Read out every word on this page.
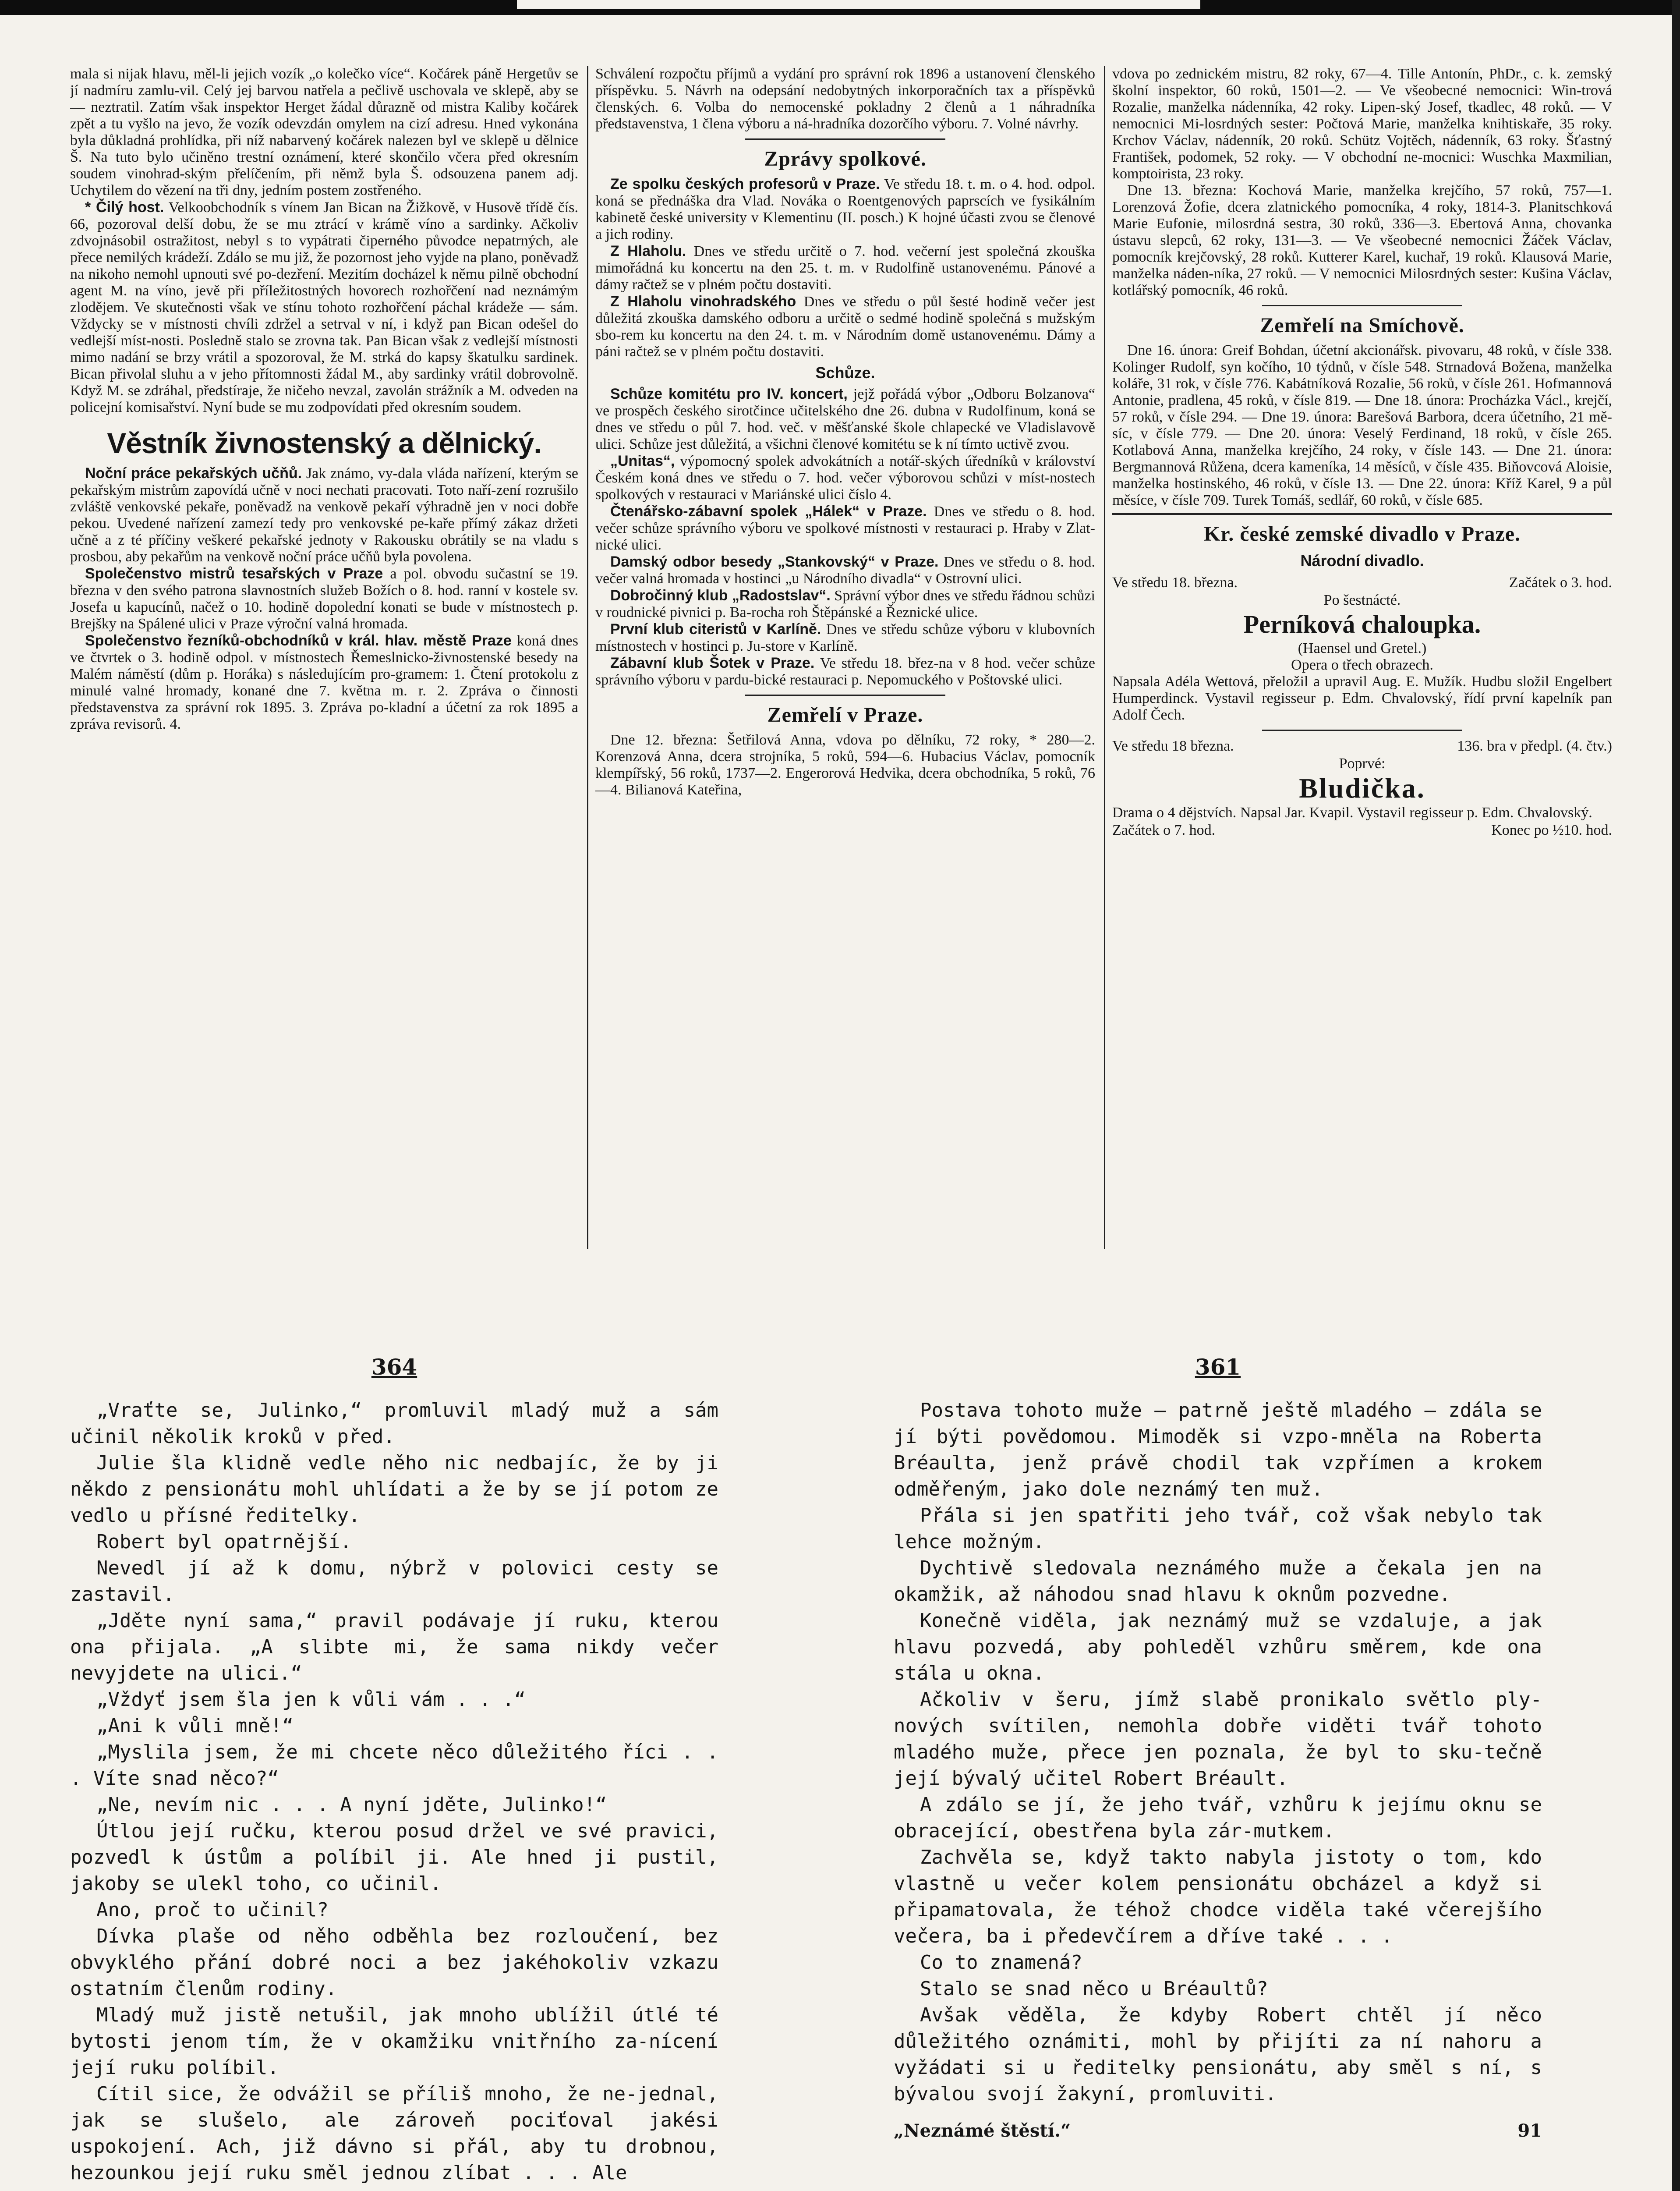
mala si nijak hlavu, měl-li jejich vozík „o kolečko více“. Kočárek páně Hergetův se jí nadmíru zamlu-vil. Celý jej barvou natřela a pečlivě uschovala ve sklepě, aby se — neztratil. Zatím však inspektor Herget žádal důrazně od mistra Kaliby kočárek zpět a tu vyšlo na jevo, že vozík odevzdán omylem na cizí adresu. Hned vykonána byla důkladná prohlídka, při níž nabarvený kočárek nalezen byl ve sklepě u dělnice Š. Na tuto bylo učiněno trestní oznámení, které skončilo včera před okresním soudem vinohrad-ským přelíčením, při němž byla Š. odsouzena panem adj. Uchytilem do vězení na tři dny, jedním postem zostřeného.

* Čilý host. Velkoobchodník s vínem Jan Bican na Žižkově, v Husově třídě čís. 66, pozoroval delší dobu, že se mu ztrácí v krámě víno a sardinky. Ačkoliv zdvojnásobil ostražitost, nebyl s to vypátrati čiperného původce nepatrných, ale přece nemilých krádeží. Zdálo se mu již, že pozornost jeho vyjde na plano, poněvadž na nikoho nemohl upnouti své po-dezření. Mezitím docházel k němu pilně obchodní agent M. na víno, jevě při příležitostných hovorech rozhořčení nad neznámým zlodějem. Ve skutečnosti však ve stínu tohoto rozhořčení páchal krádeže — sám. Vždycky se v místnosti chvíli zdržel a setrval v ní, i když pan Bican odešel do vedlejší míst-nosti. Posledně stalo se zrovna tak. Pan Bican však z vedlejší místnosti mimo nadání se brzy vrátil a spozoroval, že M. strká do kapsy škatulku sardinek. Bican přivolal sluhu a v jeho přítomnosti žádal M., aby sardinky vrátil dobrovolně. Když M. se zdráhal, předstíraje, že ničeho nevzal, zavolán strážník a M. odveden na policejní komisařství. Nyní bude se mu zodpovídati před okresním soudem.

Věstník živnostenský a dělnický.

Noční práce pekařských učňů. Jak známo, vy-dala vláda nařízení, kterým se pekařským mistrům zapovídá učně v noci nechati pracovati. Toto naří-zení rozrušilo zvláště venkovské pekaře, poněvadž na venkově pekaří výhradně jen v noci dobře pekou. Uvedené nařízení zamezí tedy pro venkovské pe-kaře přímý zákaz držeti učně a z té příčiny veškeré pekařské jednoty v Rakousku obrátily se na vladu s prosbou, aby pekařům na venkově noční práce učňů byla povolena.

Společenstvo mistrů tesařských v Praze a pol. obvodu sučastní se 19. března v den svého patrona slavnostních služeb Božích o 8. hod. ranní v kostele sv. Josefa u kapucínů, načež o 10. hodině dopolední konati se bude v místnostech p. Brejšky na Spálené ulici v Praze výroční valná hromada.

Společenstvo řezníků-obchodníků v král. hlav. městě Praze koná dnes ve čtvrtek o 3. hodině odpol. v místnostech Řemeslnicko-živnostenské besedy na Malém náměstí (dům p. Horáka) s následujícím pro-gramem: 1. Čtení protokolu z minulé valné hromady, konané dne 7. května m. r. 2. Zpráva o činnosti představenstva za správní rok 1895. 3. Zpráva po-kladní a účetní za rok 1895 a zpráva revisorů. 4.

Schválení rozpočtu příjmů a vydání pro správní rok 1896 a ustanovení členského příspěvku. 5. Návrh na odepsání nedobytných inkorporačních tax a příspěvků členských. 6. Volba do nemocenské pokladny 2 členů a 1 náhradníka představenstva, 1 člena výboru a ná-hradníka dozorčího výboru. 7. Volné návrhy.

Zprávy spolkové.

Ze spolku českých profesorů v Praze. Ve středu 18. t. m. o 4. hod. odpol. koná se přednáška dra Vlad. Nováka o Roentgenových paprscích ve fysikálním kabinetě české university v Klementinu (II. posch.) K hojné účasti zvou se členové a jich rodiny.

Z Hlaholu. Dnes ve středu určitě o 7. hod. večerní jest společná zkouška mimořádná ku koncertu na den 25. t. m. v Rudolfině ustanovenému. Pánové a dámy račtež se v plném počtu dostaviti.

Z Hlaholu vinohradského Dnes ve středu o půl šesté hodině večer jest důležitá zkouška damského odboru a určitě o sedmé hodině společná s mužským sbo-rem ku koncertu na den 24. t. m. v Národním domě ustanovenému. Dámy a páni račtež se v plném počtu dostaviti.

Schůze.

Schůze komitétu pro IV. koncert, jejž pořádá výbor „Odboru Bolzanova“ ve prospěch českého sirotčince učitelského dne 26. dubna v Rudolfinum, koná se dnes ve středu o půl 7. hod. več. v měšťanské škole chlapecké ve Vladislavově ulici. Schůze jest důležitá, a všichni členové komitétu se k ní tímto uctivě zvou.

„Unitas“, výpomocný spolek advokátních a notář-ských úředníků v království Českém koná dnes ve středu o 7. hod. večer výborovou schůzi v míst-nostech spolkových v restauraci v Mariánské ulici číslo 4.

Čtenářsko-zábavní spolek „Hálek“ v Praze. Dnes ve středu o 8. hod. večer schůze správního výboru ve spolkové místnosti v restauraci p. Hraby v Zlat-nické ulici.

Damský odbor besedy „Stankovský“ v Praze. Dnes ve středu o 8. hod. večer valná hromada v hostinci „u Národního divadla“ v Ostrovní ulici.

Dobročinný klub „Radostslav“. Správní výbor dnes ve středu řádnou schůzi v roudnické pivnici p. Ba-rocha roh Štěpánské a Řeznické ulice.

První klub citeristů v Karlíně. Dnes ve středu schůze výboru v klubovních místnostech v hostinci p. Ju-store v Karlíně.

Zábavní klub Šotek v Praze. Ve středu 18. břez-na v 8 hod. večer schůze správního výboru v pardu-bické restauraci p. Nepomuckého v Poštovské ulici.

Zemřelí v Praze.

Dne 12. března: Šetřilová Anna, vdova po dělníku, 72 roky, * 280—2. Korenzová Anna, dcera strojníka, 5 roků, 594—6. Hubacius Václav, pomocník klempířský, 56 roků, 1737—2. Engerorová Hedvika, dcera obchodníka, 5 roků, 76—4. Bilianová Kateřina,

vdova po zednickém mistru, 82 roky, 67—4. Tille Antonín, PhDr., c. k. zemský školní inspektor, 60 roků, 1501—2. — Ve všeobecné nemocnici: Win-trová Rozalie, manželka nádenníka, 42 roky. Lipen-ský Josef, tkadlec, 48 roků. — V nemocnici Mi-losrdných sester: Počtová Marie, manželka knihtiskaře, 35 roky. Krchov Václav, nádenník, 20 roků. Schütz Vojtěch, nádenník, 63 roky. Šťastný František, podomek, 52 roky. — V obchodní ne-mocnici: Wuschka Maxmilian, komptoirista, 23 roky.

Dne 13. března: Kochová Marie, manželka krejčího, 57 roků, 757—1. Lorenzová Žofie, dcera zlatnického pomocníka, 4 roky, 1814-3. Planitschková Marie Eufonie, milosrdná sestra, 30 roků, 336—3. Ebertová Anna, chovanka ústavu slepců, 62 roky, 131—3. — Ve všeobecné nemocnici Žáček Václav, pomocník krejčovský, 28 roků. Kutterer Karel, kuchař, 19 roků. Klausová Marie, manželka náden-níka, 27 roků. — V nemocnici Milosrdných sester: Kušina Václav, kotlářský pomocník, 46 roků.

Zemřelí na Smíchově.

Dne 16. února: Greif Bohdan, účetní akcionářsk. pivovaru, 48 roků, v čísle 338. Kolinger Rudolf, syn kočího, 10 týdnů, v čísle 548. Strnadová Božena, manželka koláře, 31 rok, v čísle 776. Kabátníková Rozalie, 56 roků, v čísle 261. Hofmannová Antonie, pradlena, 45 roků, v čísle 819. — Dne 18. února: Procházka Václ., krejčí, 57 roků, v čísle 294. — Dne 19. února: Barešová Barbora, dcera účetního, 21 mě-síc, v čísle 779. — Dne 20. února: Veselý Ferdinand, 18 roků, v čísle 265. Kotlabová Anna, manželka krejčího, 24 roky, v čísle 143. — Dne 21. února: Bergmannová Růžena, dcera kameníka, 14 měsíců, v čísle 435. Biňovcová Aloisie, manželka hostinského, 46 roků, v čísle 13. — Dne 22. února: Kříž Karel, 9 a půl měsíce, v čísle 709. Turek Tomáš, sedlář, 60 roků, v čísle 685.

Kr. české zemské divadlo v Praze.
Národní divadlo.
Ve středu 18. března.	Začátek o 3. hod.
Po šestnácté.
Perníková chaloupka.
(Haensel und Gretel.)
Opera o třech obrazech.

Napsala Adéla Wettová, přeložil a upravil Aug. E. Mužík. Hudbu složil Engelbert Humperdinck. Vystavil regisseur p. Edm. Chvalovský, řídí první kapelník pan Adolf Čech.

Ve středu 18 března.	136. bra v předpl. (4. čtv.)
Poprvé:
Bludička.

Drama o 4 dějstvích. Napsal Jar. Kvapil. Vystavil regisseur p. Edm. Chvalovský.

Začátek o 7. hod.	Konec po ½10. hod.
364

„Vraťte se, Julinko,“ promluvil mladý muž a sám učinil několik kroků v před.

Julie šla klidně vedle něho nic nedbajíc, že by ji někdo z pensionátu mohl uhlídati a že by se jí potom ze vedlo u přísné ředitelky.

Robert byl opatrnější.

Nevedl jí až k domu, nýbrž v polovici cesty se zastavil.

„Jděte nyní sama,“ pravil podávaje jí ruku, kterou ona přijala. „A slibte mi, že sama nikdy večer nevyjdete na ulici.“

„Vždyť jsem šla jen k vůli vám . . .“

„Ani k vůli mně!“

„Myslila jsem, že mi chcete něco důležitého říci . . . Víte snad něco?“

„Ne, nevím nic . . . A nyní jděte, Julinko!“

Útlou její ručku, kterou posud držel ve své pravici, pozvedl k ústům a políbil ji. Ale hned ji pustil, jakoby se ulekl toho, co učinil.

Ano, proč to učinil?

Dívka plaše od něho odběhla bez rozloučení, bez obvyklého přání dobré noci a bez jakéhokoliv vzkazu ostatním členům rodiny.

Mladý muž jistě netušil, jak mnoho ublížil útlé té bytosti jenom tím, že v okamžiku vnitřního za-nícení její ruku políbil.

Cítil sice, že odvážil se příliš mnoho, že ne-jednal, jak se slušelo, ale zároveň pociťoval jakési uspokojení. Ach, již dávno si přál, aby tu drobnou, hezounkou její ruku směl jednou zlíbat . . . Ale

361

Postava tohoto muže — patrně ještě mladého — zdála se jí býti povědomou. Mimoděk si vzpo-mněla na Roberta Bréaulta, jenž právě chodil tak vzpřímen a krokem odměřeným, jako dole neznámý ten muž.

Přála si jen spatřiti jeho tvář, což však nebylo tak lehce možným.

Dychtivě sledovala neznámého muže a čekala jen na okamžik, až náhodou snad hlavu k oknům pozvedne.

Konečně viděla, jak neznámý muž se vzdaluje, a jak hlavu pozvedá, aby pohleděl vzhůru směrem, kde ona stála u okna.

Ačkoliv v šeru, jímž slabě pronikalo světlo ply-nových svítilen, nemohla dobře viděti tvář tohoto mladého muže, přece jen poznala, že byl to sku-tečně její bývalý učitel Robert Bréault.

A zdálo se jí, že jeho tvář, vzhůru k jejímu oknu se obracející, obestřena byla zár-mutkem.

Zachvěla se, když takto nabyla jistoty o tom, kdo vlastně u večer kolem pensionátu obcházel a když si připamatovala, že téhož chodce viděla také včerejšího večera, ba i předevčírem a dříve také . . .

Co to znamená?

Stalo se snad něco u Bréaultů?

Avšak věděla, že kdyby Robert chtěl jí něco důležitého oznámiti, mohl by přijíti za ní nahoru a vyžádati si u ředitelky pensionátu, aby směl s ní, s bývalou svojí žakyní, promluviti.

„Neznámé štěstí.“	91
